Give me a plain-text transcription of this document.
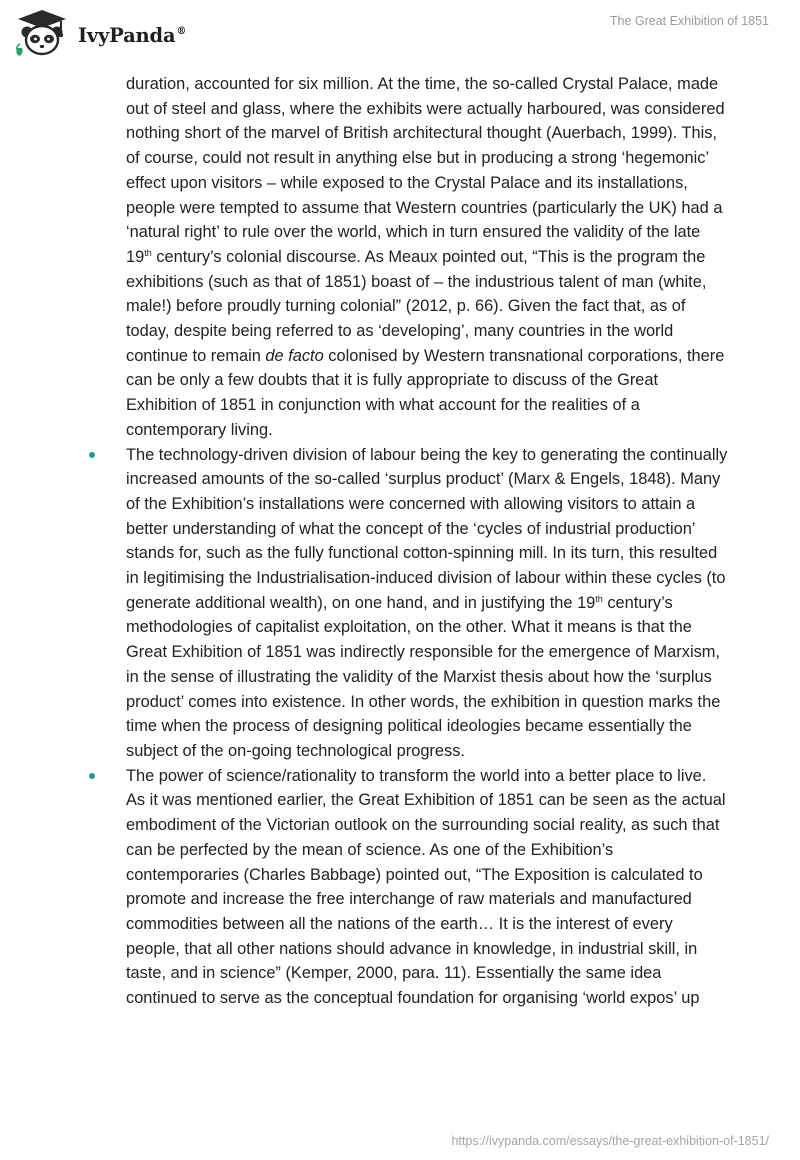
IvyPanda®
The Great Exhibition of 1851

duration, accounted for six million. At the time, the so-called Crystal Palace, made out of steel and glass, where the exhibits were actually harboured, was considered nothing short of the marvel of British architectural thought (Auerbach, 1999). This, of course, could not result in anything else but in producing a strong ‘hegemonic’ effect upon visitors – while exposed to the Crystal Palace and its installations, people were tempted to assume that Western countries (particularly the UK) had a ‘natural right’ to rule over the world, which in turn ensured the validity of the late 19th century’s colonial discourse. As Meaux pointed out, “This is the program the exhibitions (such as that of 1851) boast of – the industrious talent of man (white, male!) before proudly turning colonial” (2012, p. 66). Given the fact that, as of today, despite being referred to as ‘developing’, many countries in the world continue to remain de facto colonised by Western transnational corporations, there can be only a few doubts that it is fully appropriate to discuss of the Great Exhibition of 1851 in conjunction with what account for the realities of a contemporary living.

The technology-driven division of labour being the key to generating the continually increased amounts of the so-called ‘surplus product’ (Marx & Engels, 1848). Many of the Exhibition’s installations were concerned with allowing visitors to attain a better understanding of what the concept of the ‘cycles of industrial production’ stands for, such as the fully functional cotton-spinning mill. In its turn, this resulted in legitimising the Industrialisation-induced division of labour within these cycles (to generate additional wealth), on one hand, and in justifying the 19th century’s methodologies of capitalist exploitation, on the other. What it means is that the Great Exhibition of 1851 was indirectly responsible for the emergence of Marxism, in the sense of illustrating the validity of the Marxist thesis about how the ‘surplus product’ comes into existence. In other words, the exhibition in question marks the time when the process of designing political ideologies became essentially the subject of the on-going technological progress.

The power of science/rationality to transform the world into a better place to live. As it was mentioned earlier, the Great Exhibition of 1851 can be seen as the actual embodiment of the Victorian outlook on the surrounding social reality, as such that can be perfected by the mean of science. As one of the Exhibition’s contemporaries (Charles Babbage) pointed out, “The Exposition is calculated to promote and increase the free interchange of raw materials and manufactured commodities between all the nations of the earth… It is the interest of every people, that all other nations should advance in knowledge, in industrial skill, in taste, and in science” (Kemper, 2000, para. 11). Essentially the same idea continued to serve as the conceptual foundation for organising ‘world expos’ up

https://ivypanda.com/essays/the-great-exhibition-of-1851/
